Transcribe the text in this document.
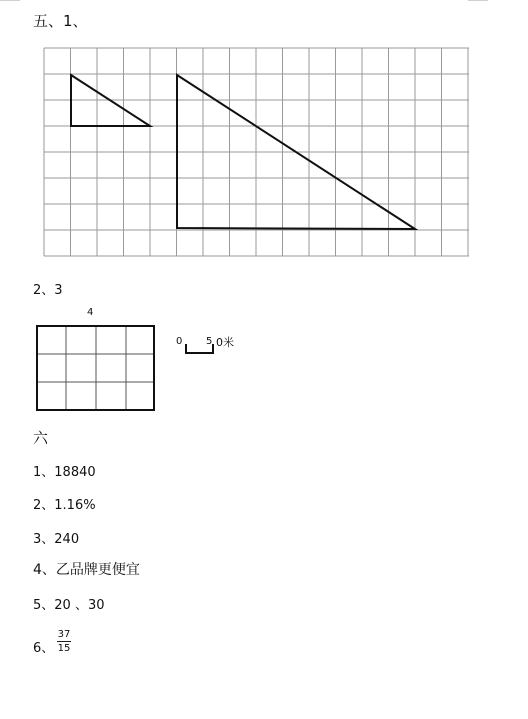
五、1、
2、3
4
0 5 0米
六
1、18840
2、1.16%
3、240
4、乙品牌更便宜
5、20 、30
6、
37
15
